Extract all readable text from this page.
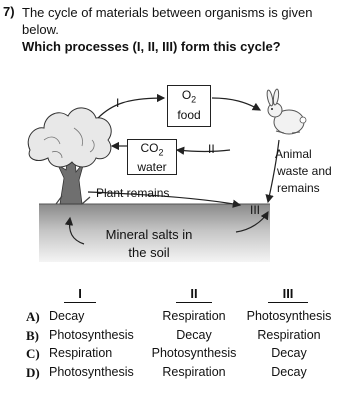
7) The cycle of materials between organisms is given
below.
Which processes (I, II, III) form this cycle?
$O_2$
food
$CO_2$
water
I
II
III
Animal
waste and
remains
Plant remains
Mineral salts in
the soil
I	II	III
A) Decay	Respiration	Photosynthesis
B) Photosynthesis	Decay	Respiration
C) Respiration	Photosynthesis	Decay
D) Photosynthesis	Respiration	Decay
